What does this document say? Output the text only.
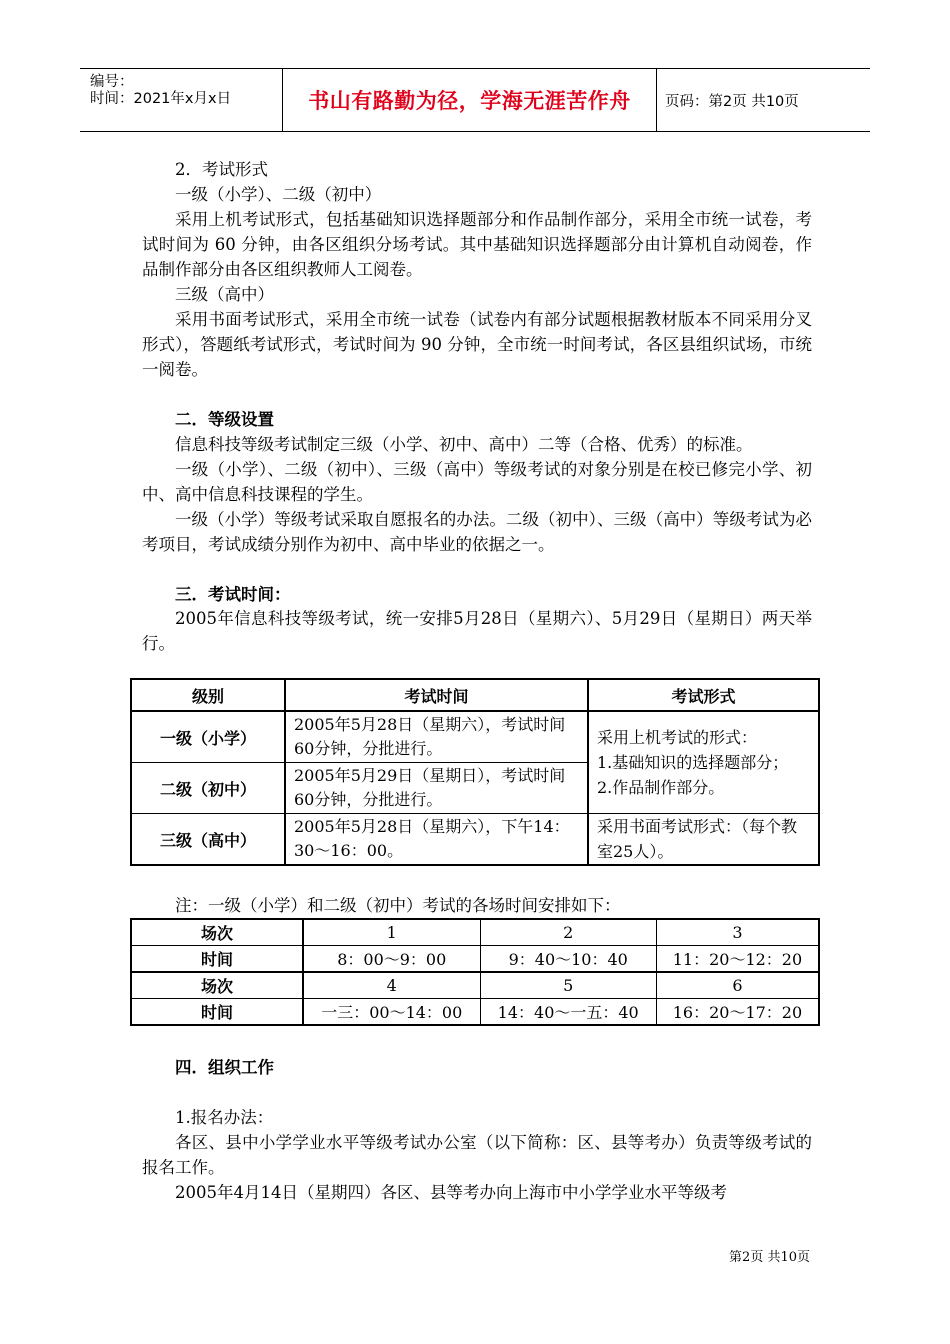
编号：
时间：2021年x月x日	书山有路勤为径，学海无涯苦作舟	页码：第2页 共10页
2．考试形式
一级（小学）、二级（初中）
采用上机考试形式，包括基础知识选择题部分和作品制作部分，采用全市统一试卷，考试时间为 60 分钟，由各区组织分场考试。其中基础知识选择题部分由计算机自动阅卷，作品制作部分由各区组织教师人工阅卷。
三级（高中）
采用书面考试形式，采用全市统一试卷（试卷内有部分试题根据教材版本不同采用分叉形式），答题纸考试形式，考试时间为 90 分钟，全市统一时间考试，各区县组织试场，市统一阅卷。
二．等级设置
信息科技等级考试制定三级（小学、初中、高中）二等（合格、优秀）的标准。
一级（小学）、二级（初中）、三级（高中）等级考试的对象分别是在校已修完小学、初中、高中信息科技课程的学生。
一级（小学）等级考试采取自愿报名的办法。二级（初中）、三级（高中）等级考试为必考项目，考试成绩分别作为初中、高中毕业的依据之一。
三．考试时间：
2005年信息科技等级考试，统一安排5月28日（星期六）、5月29日（星期日）两天举行。
级别	考试时间	考试形式
一级（小学）	2005年5月28日（星期六），考试时间60分钟，分批进行。	采用上机考试的形式：
1.基础知识的选择题部分；
2.作品制作部分。

二级（初中）	2005年5月29日（星期日），考试时间60分钟，分批进行。	
三级（高中）	2005年5月28日（星期六），下午14：30～16：00。	采用书面考试形式：（每个教室25人）。
注：一级（小学）和二级（初中）考试的各场时间安排如下：
场次	1	2	3
时间	8：00～9：00	9：40～10：40	11：20～12：20
场次	4	5	6
时间	一三：00～14：00	14：40～一五：40	16：20～17：20
四．组织工作
1.报名办法：
各区、县中小学学业水平等级考试办公室（以下简称：区、县等考办）负责等级考试的报名工作。
2005年4月14日（星期四）各区、县等考办向上海市中小学学业水平等级考
第2页 共10页
